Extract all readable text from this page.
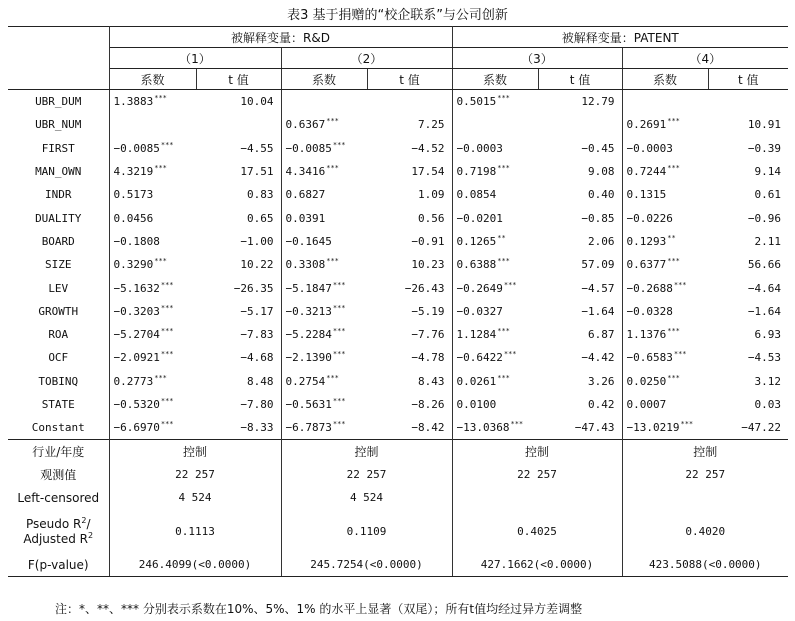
表3 基于捐赠的“校企联系”与公司创新
	被解释变量：R&D				被解释变量：PATENT			
	（1）		（2）		（3）		（4）	
	系数	t 值	系数	t 值	系数	t 值	系数	t 值
UBR_DUM	1.3883***	10.04			0.5015***	12.79		
UBR_NUM			0.6367***	7.25			0.2691***	10.91
FIRST	−0.0085***	−4.55	−0.0085***	−4.52	−0.0003	−0.45	−0.0003	−0.39
MAN_OWN	4.3219***	17.51	4.3416***	17.54	0.7198***	9.08	0.7244***	9.14
INDR	0.5173	0.83	0.6827	1.09	0.0854	0.40	0.1315	0.61
DUALITY	0.0456	0.65	0.0391	0.56	−0.0201	−0.85	−0.0226	−0.96
BOARD	−0.1808	−1.00	−0.1645	−0.91	0.1265**	2.06	0.1293**	2.11
SIZE	0.3290***	10.22	0.3308***	10.23	0.6388***	57.09	0.6377***	56.66
LEV	−5.1632***	−26.35	−5.1847***	−26.43	−0.2649***	−4.57	−0.2688***	−4.64
GROWTH	−0.3203***	−5.17	−0.3213***	−5.19	−0.0327	−1.64	−0.0328	−1.64
ROA	−5.2704***	−7.83	−5.2284***	−7.76	1.1284***	6.87	1.1376***	6.93
OCF	−2.0921***	−4.68	−2.1390***	−4.78	−0.6422***	−4.42	−0.6583***	−4.53
TOBINQ	0.2773***	8.48	0.2754***	8.43	0.0261***	3.26	0.0250***	3.12
STATE	−0.5320***	−7.80	−0.5631***	−8.26	0.0100	0.42	0.0007	0.03
Constant	−6.6970***	−8.33	−6.7873***	−8.42	−13.0368***	−47.43	−13.0219***	−47.22
行业/年度	控制		控制		控制		控制	
观测值	22 257		22 257		22 257		22 257	
Left-censored	4 524		4 524					

Pseudo $R^2/$
Adjusted $R^2$	0.1113		0.1109		0.4025		0.4020	
F(p-value)	246.4099(<0.0000)		245.7254(<0.0000)		427.1662(<0.0000)		423.5088(<0.0000)	
注：*、**、*** 分别表示系数在10%、5%、1% 的水平上显著（双尾）；所有t值均经过异方差调整
